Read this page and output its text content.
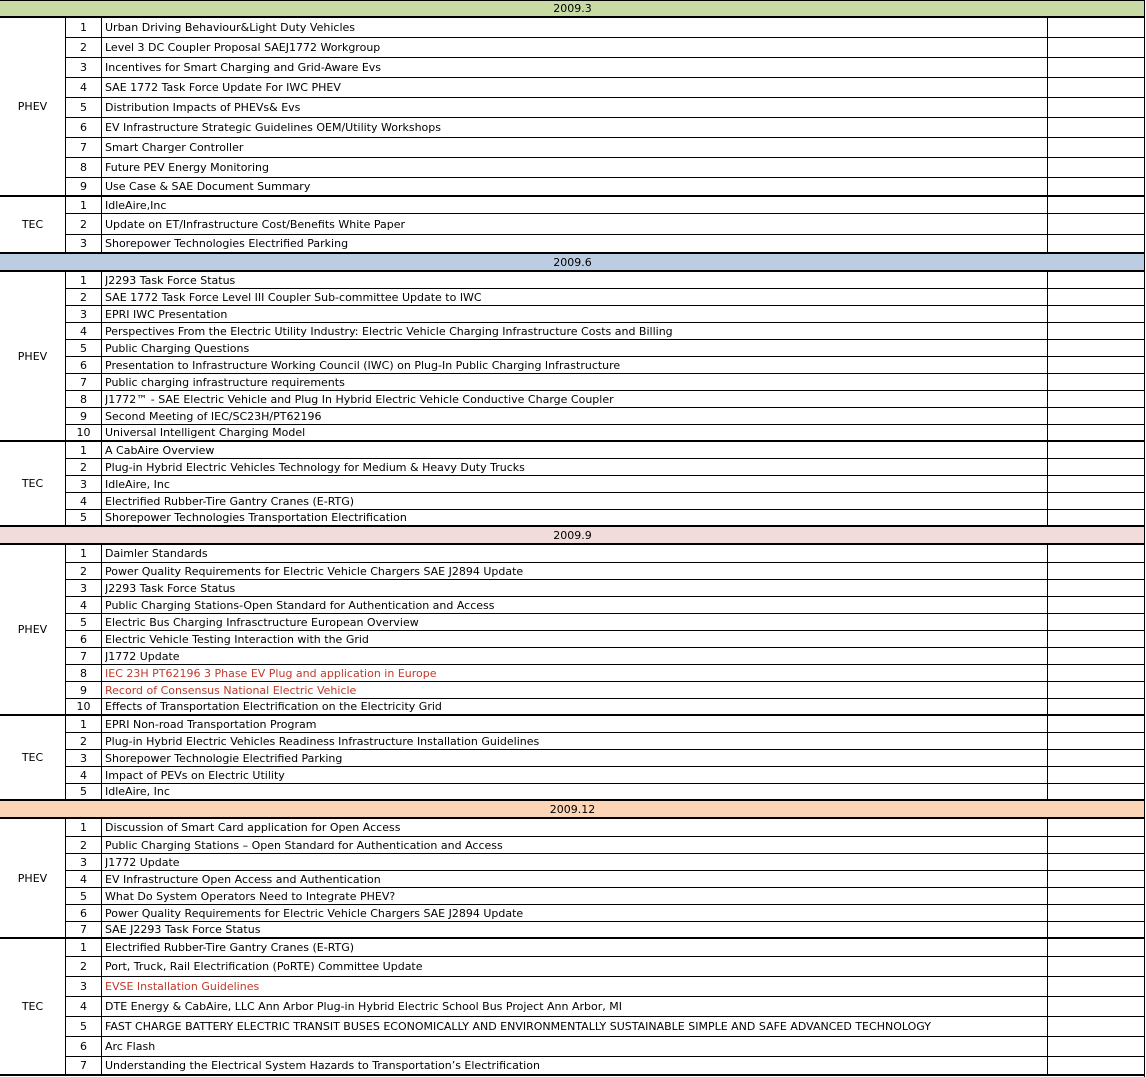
2009.3
PHEV
1	Urban Driving Behaviour&Light Duty Vehicles
2	Level 3 DC Coupler Proposal SAEJ1772 Workgroup
3	Incentives for Smart Charging and Grid-Aware Evs
4	SAE 1772 Task Force Update For IWC PHEV
5	Distribution Impacts of PHEVs& Evs
6	EV Infrastructure Strategic Guidelines OEM/Utility Workshops
7	Smart Charger Controller
8	Future PEV Energy Monitoring
9	Use Case & SAE Document Summary
TEC
1	IdleAire,Inc
2	Update on ET/Infrastructure Cost/Benefits White Paper
3	Shorepower Technologies Electrified Parking
2009.6
PHEV
1	J2293 Task Force Status
2	SAE 1772 Task Force Level III Coupler Sub-committee Update to IWC
3	EPRI IWC Presentation
4	Perspectives From the Electric Utility Industry: Electric Vehicle Charging Infrastructure Costs and Billing
5	Public Charging Questions
6	Presentation to Infrastructure Working Council (IWC) on Plug-In Public Charging Infrastructure
7	Public charging infrastructure requirements
8	J1772™ - SAE Electric Vehicle and Plug In Hybrid Electric Vehicle Conductive Charge Coupler
9	Second Meeting of IEC/SC23H/PT62196
10	Universal Intelligent Charging Model
TEC
1	A CabAire Overview
2	Plug-in Hybrid Electric Vehicles Technology for Medium & Heavy Duty Trucks
3	IdleAire, Inc
4	Electrified Rubber-Tire Gantry Cranes (E-RTG)
5	Shorepower Technologies Transportation Electrification
2009.9
PHEV
1	Daimler Standards
2	Power Quality Requirements for Electric Vehicle Chargers SAE J2894 Update
3	J2293 Task Force Status
4	Public Charging Stations-Open Standard for Authentication and Access
5	Electric Bus Charging Infrasctructure European Overview
6	Electric Vehicle Testing Interaction with the Grid
7	J1772 Update
8	IEC 23H PT62196 3 Phase EV Plug and application in Europe
9	Record of Consensus National Electric Vehicle
10	Effects of Transportation Electrification on the Electricity Grid
TEC
1	EPRI Non-road Transportation Program
2	Plug-in Hybrid Electric Vehicles Readiness Infrastructure Installation Guidelines
3	Shorepower Technologie Electrified Parking
4	Impact of PEVs on Electric Utility
5	IdleAire, Inc
2009.12
PHEV
1	Discussion of Smart Card application for Open Access
2	Public Charging Stations – Open Standard for Authentication and Access
3	J1772 Update
4	EV Infrastructure Open Access and Authentication
5	What Do System Operators Need to Integrate PHEV?
6	Power Quality Requirements for Electric Vehicle Chargers SAE J2894 Update
7	SAE J2293 Task Force Status
TEC
1	Electrified Rubber-Tire Gantry Cranes (E-RTG)
2	Port, Truck, Rail Electrification (PoRTE) Committee Update
3	EVSE Installation Guidelines
4	DTE Energy & CabAire, LLC Ann Arbor Plug-in Hybrid Electric School Bus Project Ann Arbor, MI
5	FAST CHARGE BATTERY ELECTRIC TRANSIT BUSES ECONOMICALLY AND ENVIRONMENTALLY SUSTAINABLE SIMPLE AND SAFE ADVANCED TECHNOLOGY
6	Arc Flash
7	Understanding the Electrical System Hazards to Transportation’s Electrification
